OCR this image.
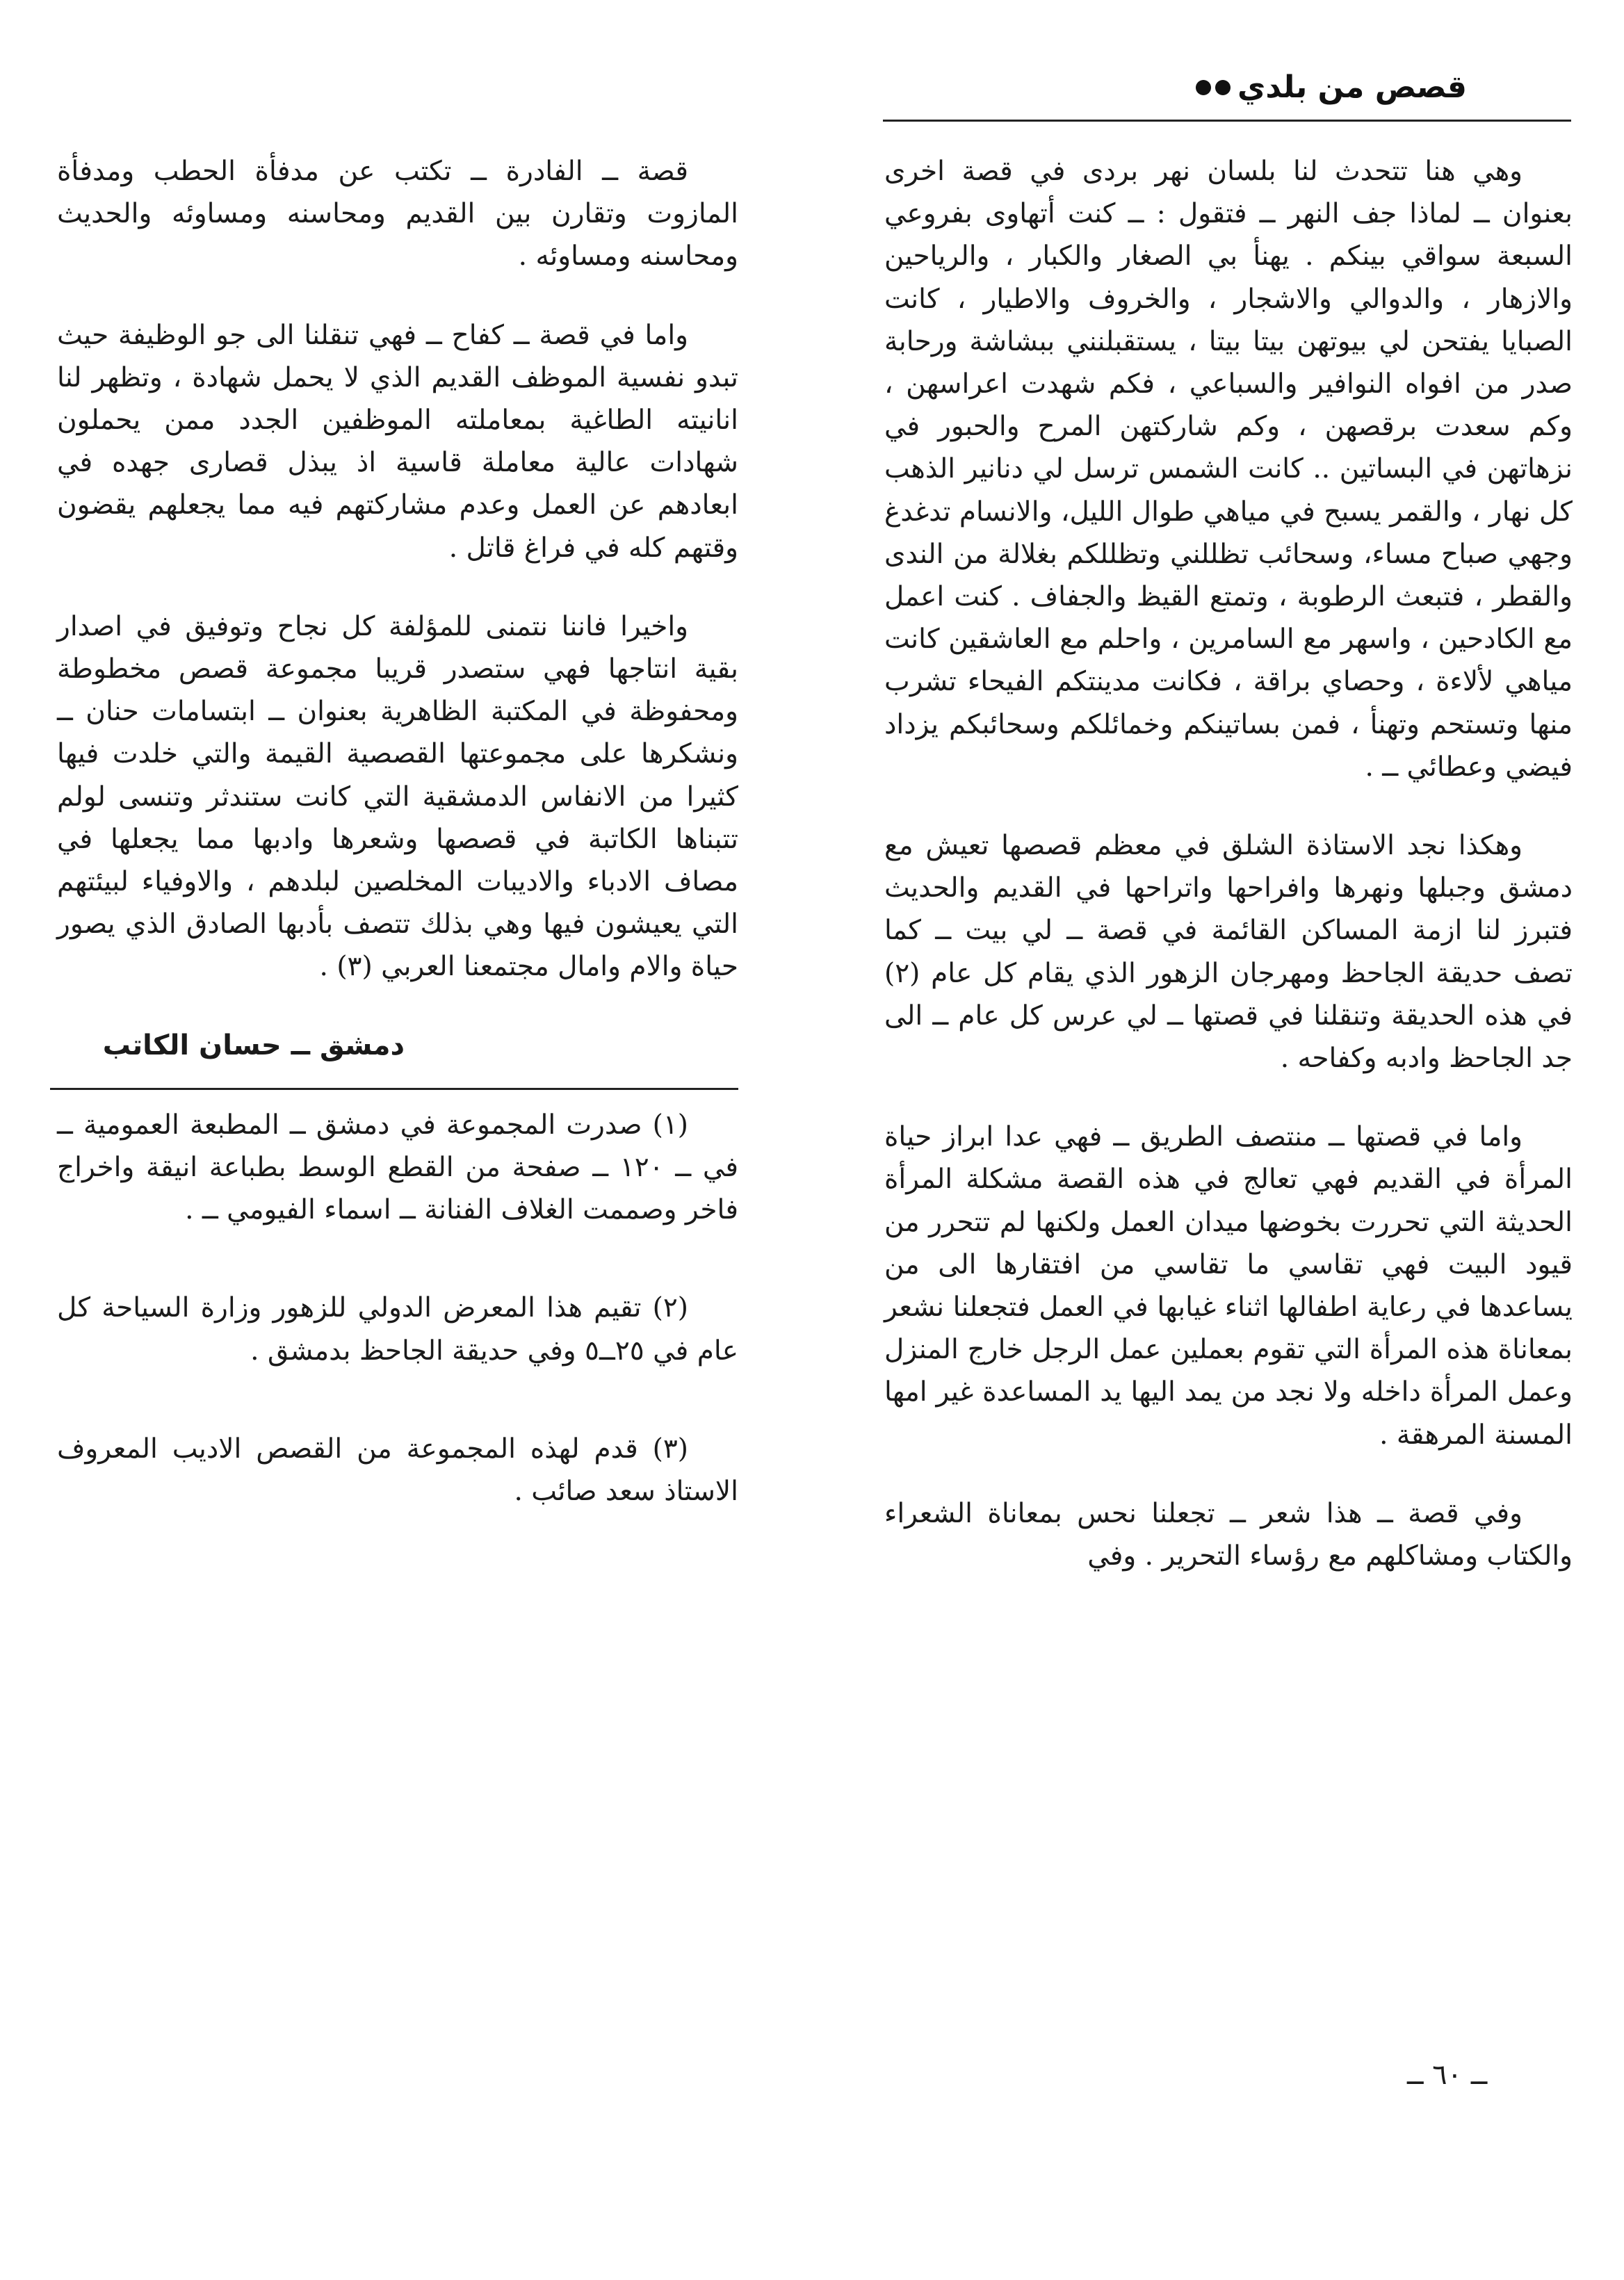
قصص من بلدي

وهي هنا تتحدث لنا بلسان نهر بردى في قصة اخرى بعنوان ــ لماذا جف النهر ــ فتقول : ــ كنت أتهاوى بفروعي السبعة سواقي بينكم . يهنأ بي الصغار والكبار ، والرياحين والازهار ، والدوالي والاشجار ، والخروف والاطيار ، كانت الصبايا يفتحن لي بيوتهن بيتا بيتا ، يستقبلنني ببشاشة ورحابة صدر من افواه النوافير والسباعي ، فكم شهدت اعراسهن ، وكم سعدت برقصهن ، وكم شاركتهن المرح والحبور في نزهاتهن في البساتين .. كانت الشمس ترسل لي دنانير الذهب كل نهار ، والقمر يسبح في مياهي طوال الليل، والانسام تدغدغ وجهي صباح مساء، وسحائب تظللني وتظللكم بغلالة من الندى والقطر ، فتبعث الرطوبة ، وتمتع القيظ والجفاف . كنت اعمل مع الكادحين ، واسهر مع السامرين ، واحلم مع العاشقين كانت مياهي لألاءة ، وحصاي براقة ، فكانت مدينتكم الفيحاء تشرب منها وتستحم وتهنأ ، فمن بساتينكم وخمائلكم وسحائبكم يزداد فيضي وعطائي ــ .

وهكذا نجد الاستاذة الشلق في معظم قصصها تعيش مع دمشق وجبلها ونهرها وافراحها واتراحها في القديم والحديث فتبرز لنا ازمة المساكن القائمة في قصة ــ لي بيت ــ كما تصف حديقة الجاحظ ومهرجان الزهور الذي يقام كل عام (٢) في هذه الحديقة وتنقلنا في قصتها ــ لي عرس كل عام ــ الى جد الجاحظ وادبه وكفاحه .

واما في قصتها ــ منتصف الطريق ــ فهي عدا ابراز حياة المرأة في القديم فهي تعالج في هذه القصة مشكلة المرأة الحديثة التي تحررت بخوضها ميدان العمل ولكنها لم تتحرر من قيود البيت فهي تقاسي ما تقاسي من افتقارها الى من يساعدها في رعاية اطفالها اثناء غيابها في العمل فتجعلنا نشعر بمعاناة هذه المرأة التي تقوم بعملين عمل الرجل خارج المنزل وعمل المرأة داخله ولا نجد من يمد اليها يد المساعدة غير امها المسنة المرهقة .

وفي قصة ــ هذا شعر ــ تجعلنا نحس بمعاناة الشعراء والكتاب ومشاكلهم مع رؤساء التحرير . وفي

قصة ــ الفادرة ــ تكتب عن مدفأة الحطب ومدفأة المازوت وتقارن بين القديم ومحاسنه ومساوئه والحديث ومحاسنه ومساوئه .

واما في قصة ــ كفاح ــ فهي تنقلنا الى جو الوظيفة حيث تبدو نفسية الموظف القديم الذي لا يحمل شهادة ، وتظهر لنا انانيته الطاغية بمعاملته الموظفين الجدد ممن يحملون شهادات عالية معاملة قاسية اذ يبذل قصارى جهده في ابعادهم عن العمل وعدم مشاركتهم فيه مما يجعلهم يقضون وقتهم كله في فراغ قاتل .

واخيرا فاننا نتمنى للمؤلفة كل نجاح وتوفيق في اصدار بقية انتاجها فهي ستصدر قريبا مجموعة قصص مخطوطة ومحفوظة في المكتبة الظاهرية بعنوان ــ ابتسامات حنان ــ ونشكرها على مجموعتها القصصية القيمة والتي خلدت فيها كثيرا من الانفاس الدمشقية التي كانت ستندثر وتنسى لولم تتبناها الكاتبة في قصصها وشعرها وادبها مما يجعلها في مصاف الادباء والاديبات المخلصين لبلدهم ، والاوفياء لبيئتهم التي يعيشون فيها وهي بذلك تتصف بأدبها الصادق الذي يصور حياة والام وامال مجتمعنا العربي (٣) .

دمشق ــ حسان الكاتب

(١) صدرت المجموعة في دمشق ــ المطبعة العمومية ــ في ــ ١٢٠ ــ صفحة من القطع الوسط بطباعة انيقة واخراج فاخر وصممت الغلاف الفنانة ــ اسماء الفيومي ــ .

(٢) تقيم هذا المعرض الدولي للزهور وزارة السياحة كل عام في ٢٥ــ٥ وفي حديقة الجاحظ بدمشق .

(٣) قدم لهذه المجموعة من القصص الاديب المعروف الاستاذ سعد صائب .

ــ ٦٠ ــ
